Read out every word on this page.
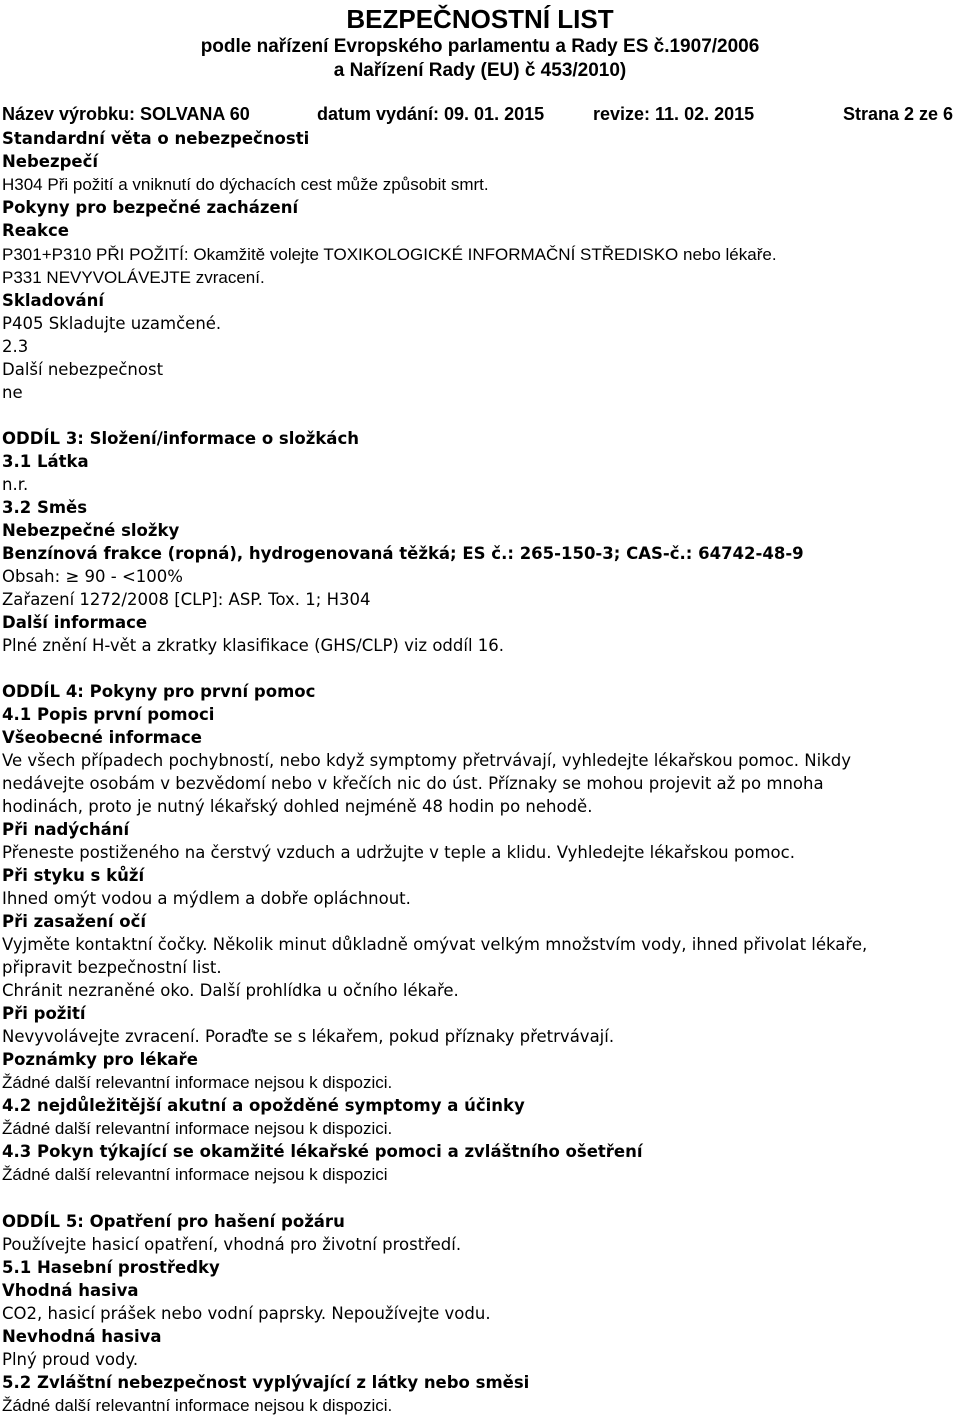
BEZPEČNOSTNÍ LIST
podle nařízení Evropského parlamentu a Rady ES č.1907/2006
a Nařízení Rady (EU) č 453/2010)
Název výrobku: SOLVANA 60	datum vydání: 09. 01. 2015	revize: 11. 02. 2015	Strana 2 ze 6
Standardní věta o nebezpečnosti
Nebezpečí
H304 Při požití a vniknutí do dýchacích cest může způsobit smrt.
Pokyny pro bezpečné zacházení
Reakce
P301+P310 PŘI POŽITÍ: Okamžitě volejte TOXIKOLOGICKÉ INFORMAČNÍ STŘEDISKO nebo lékaře.
P331 NEVYVOLÁVEJTE zvracení.
Skladování
P405 Skladujte uzamčené.
2.3
Další nebezpečnost
ne
ODDÍL 3: Složení/informace o složkách
3.1 Látka
n.r.
3.2 Směs
Nebezpečné složky
Benzínová frakce (ropná), hydrogenovaná těžká; ES č.: 265-150-3; CAS-č.: 64742-48-9
Obsah: ≥ 90 - <100%
Zařazení 1272/2008 [CLP]: ASP. Tox. 1; H304
Další informace
Plné znění H-vět a zkratky klasifikace (GHS/CLP) viz oddíl 16.
ODDÍL 4: Pokyny pro první pomoc
4.1 Popis první pomoci
Všeobecné informace
Ve všech případech pochybností, nebo když symptomy přetrvávají, vyhledejte lékařskou pomoc. Nikdy
nedávejte osobám v bezvědomí nebo v křečích nic do úst. Příznaky se mohou projevit až po mnoha
hodinách, proto je nutný lékařský dohled nejméně 48 hodin po nehodě.
Při nadýchání
Přeneste postiženého na čerstvý vzduch a udržujte v teple a klidu. Vyhledejte lékařskou pomoc.
Při styku s kůží
Ihned omýt vodou a mýdlem a dobře opláchnout.
Při zasažení očí
Vyjměte kontaktní čočky. Několik minut důkladně omývat velkým množstvím vody, ihned přivolat lékaře,
připravit bezpečnostní list.
Chránit nezraněné oko. Další prohlídka u očního lékaře.
Při požití
Nevyvolávejte zvracení. Poraďte se s lékařem, pokud příznaky přetrvávají.
Poznámky pro lékaře
Žádné další relevantní informace nejsou k dispozici.
4.2 nejdůležitější akutní a opožděné symptomy a účinky
Žádné další relevantní informace nejsou k dispozici.
4.3 Pokyn týkající se okamžité lékařské pomoci a zvláštního ošetření
Žádné další relevantní informace nejsou k dispozici
ODDÍL 5: Opatření pro hašení požáru
Používejte hasicí opatření, vhodná pro životní prostředí.
5.1 Hasební prostředky
Vhodná hasiva
CO2, hasicí prášek nebo vodní paprsky. Nepoužívejte vodu.
Nevhodná hasiva
Plný proud vody.
5.2 Zvláštní nebezpečnost vyplývající z látky nebo směsi
Žádné další relevantní informace nejsou k dispozici.
